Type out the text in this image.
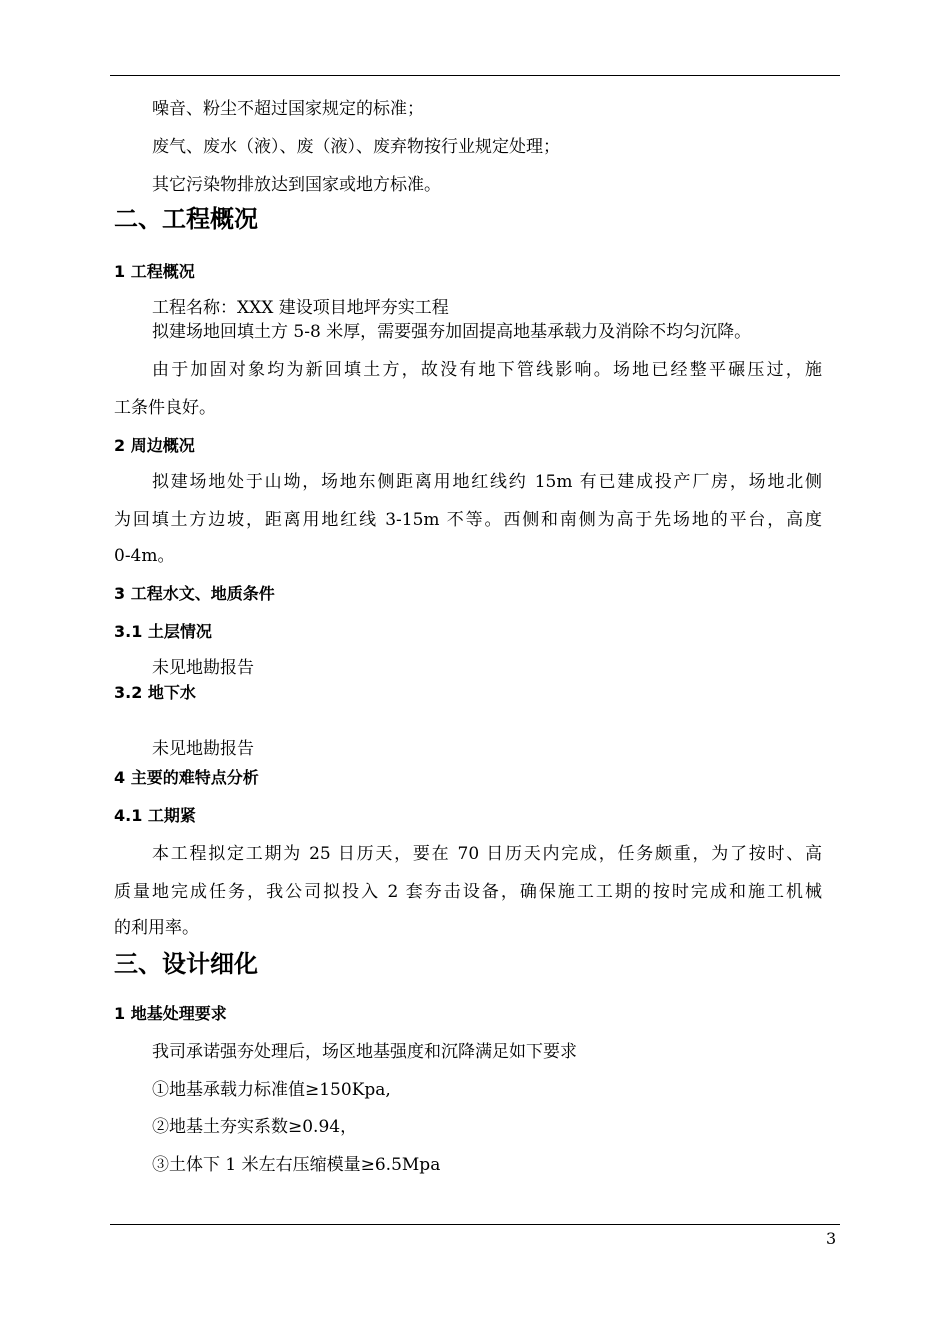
噪音、粉尘不超过国家规定的标准；
废气、废水（液）、废（液）、废弃物按行业规定处理；
其它污染物排放达到国家或地方标准。
二、工程概况
1 工程概况
工程名称：XXX 建设项目地坪夯实工程
拟建场地回填土方 5-8 米厚，需要强夯加固提高地基承载力及消除不均匀沉降。
由于加固对象均为新回填土方，故没有地下管线影响。场地已经整平碾压过，施
工条件良好。
2 周边概况
拟建场地处于山坳，场地东侧距离用地红线约 15m 有已建成投产厂房，场地北侧
为回填土方边坡，距离用地红线 3-15m 不等。西侧和南侧为高于先场地的平台，高度
0-4m。
3 工程水文、地质条件
3.1 土层情况
未见地勘报告
3.2 地下水
未见地勘报告
4 主要的难特点分析
4.1 工期紧
本工程拟定工期为 25 日历天，要在 70 日历天内完成，任务颇重，为了按时、高
质量地完成任务，我公司拟投入 2 套夯击设备，确保施工工期的按时完成和施工机械
的利用率。
三、设计细化
1 地基处理要求
我司承诺强夯处理后，场区地基强度和沉降满足如下要求
①地基承载力标准值≥150Kpa,
②地基土夯实系数≥0.94，
③土体下 1 米左右压缩模量≥6.5Mpa
3
